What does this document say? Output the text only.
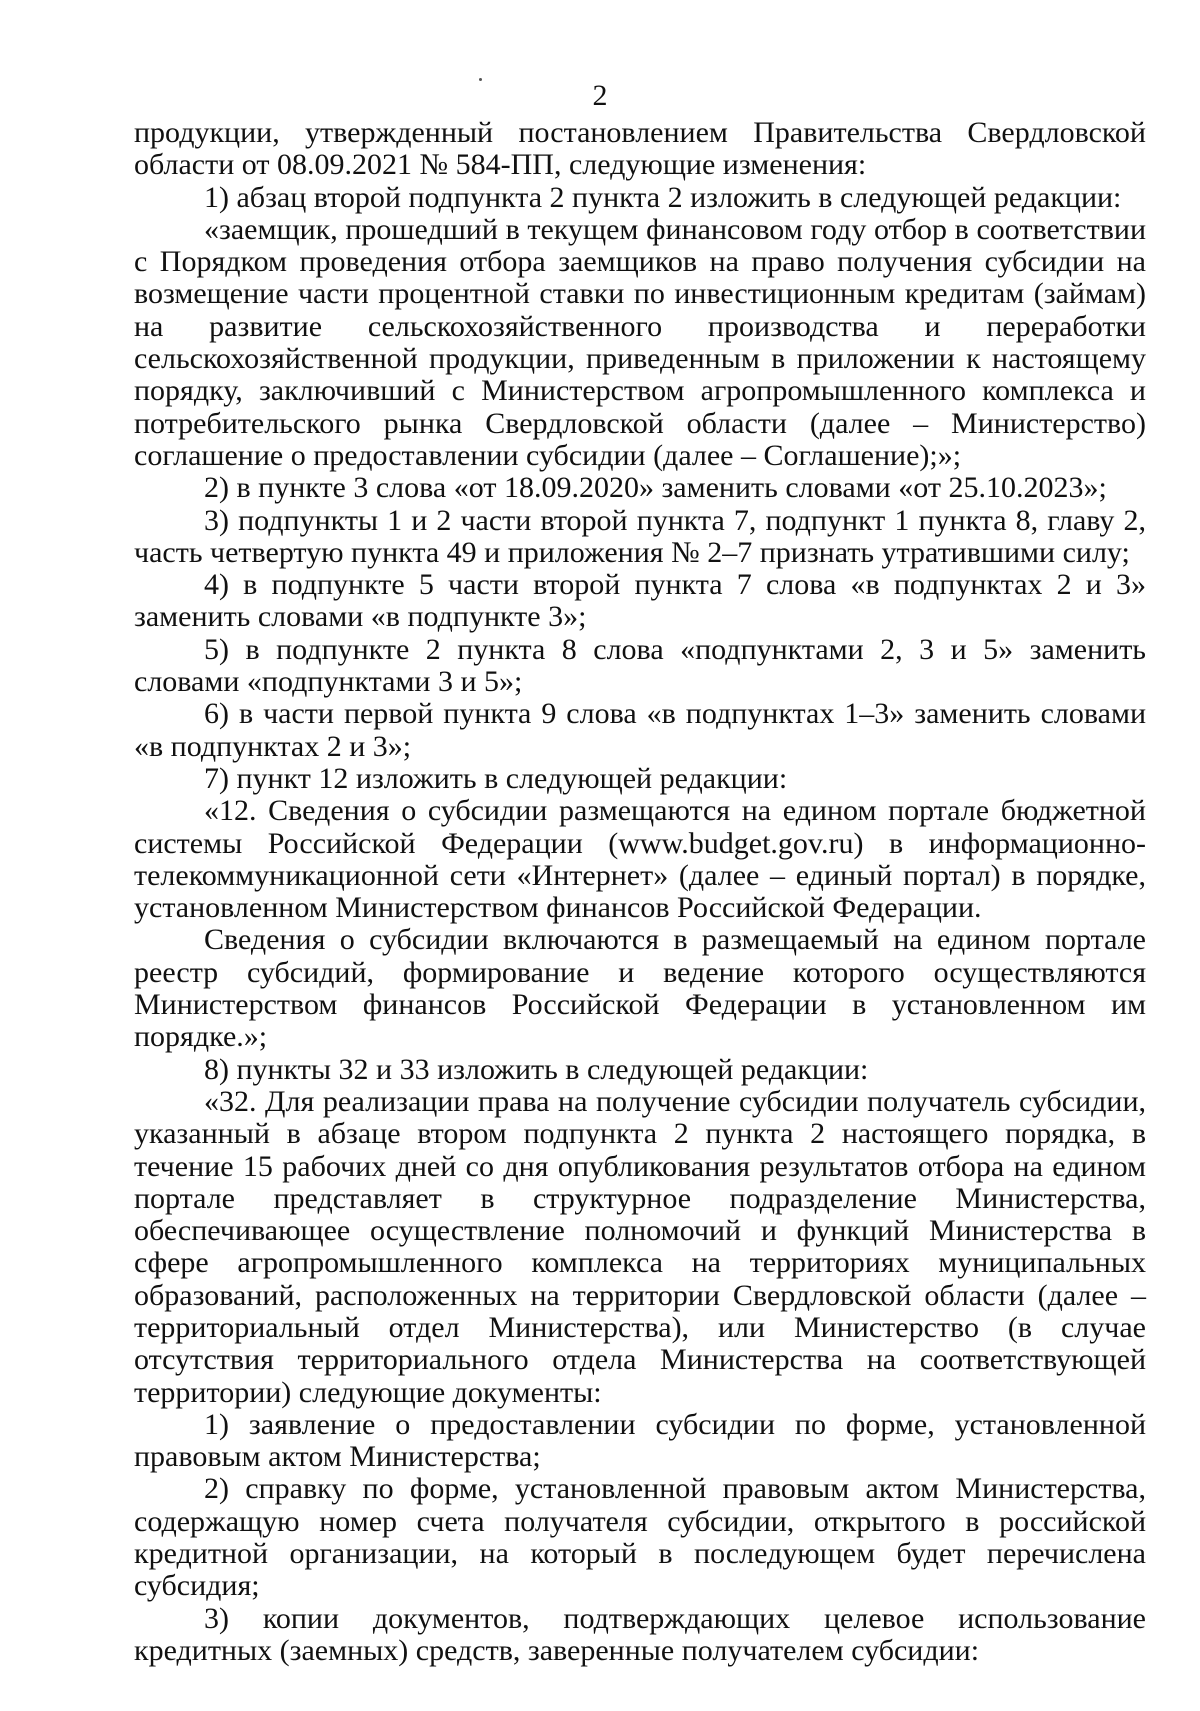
2

продукции, утвержденный постановлением Правительства Свердловской области от 08.09.2021 № 584-ПП, следующие изменения:

1) абзац второй подпункта 2 пункта 2 изложить в следующей редакции:

«заемщик, прошедший в текущем финансовом году отбор в соответствии с Порядком проведения отбора заемщиков на право получения субсидии на возмещение части процентной ставки по инвестиционным кредитам (займам) на развитие сельскохозяйственного производства и переработки сельскохозяйственной продукции, приведенным в приложении к настоящему порядку, заключивший с Министерством агропромышленного комплекса и потребительского рынка Свердловской области (далее – Министерство) соглашение о предоставлении субсидии (далее – Соглашение);»;

2) в пункте 3 слова «от 18.09.2020» заменить словами «от 25.10.2023»;

3) подпункты 1 и 2 части второй пункта 7, подпункт 1 пункта 8, главу 2, часть четвертую пункта 49 и приложения № 2–7 признать утратившими силу;

4) в подпункте 5 части второй пункта 7 слова «в подпунктах 2 и 3» заменить словами «в подпункте 3»;

5) в подпункте 2 пункта 8 слова «подпунктами 2, 3 и 5» заменить словами «подпунктами 3 и 5»;

6) в части первой пункта 9 слова «в подпунктах 1–3» заменить словами «в подпунктах 2 и 3»;

7) пункт 12 изложить в следующей редакции:

«12. Сведения о субсидии размещаются на едином портале бюджетной системы Российской Федерации (www.budget.gov.ru) в информационно-телекоммуникационной сети «Интернет» (далее – единый портал) в порядке, установленном Министерством финансов Российской Федерации.

Сведения о субсидии включаются в размещаемый на едином портале реестр субсидий, формирование и ведение которого осуществляются Министерством финансов Российской Федерации в установленном им порядке.»;

8) пункты 32 и 33 изложить в следующей редакции:

«32. Для реализации права на получение субсидии получатель субсидии, указанный в абзаце втором подпункта 2 пункта 2 настоящего порядка, в течение 15 рабочих дней со дня опубликования результатов отбора на едином портале представляет в структурное подразделение Министерства, обеспечивающее осуществление полномочий и функций Министерства в сфере агропромышленного комплекса на территориях муниципальных образований, расположенных на территории Свердловской области (далее – территориальный отдел Министерства), или Министерство (в случае отсутствия территориального отдела Министерства на соответствующей территории) следующие документы:

1) заявление о предоставлении субсидии по форме, установленной правовым актом Министерства;

2) справку по форме, установленной правовым актом Министерства, содержащую номер счета получателя субсидии, открытого в российской кредитной организации, на который в последующем будет перечислена субсидия;

3) копии документов, подтверждающих целевое использование кредитных (заемных) средств, заверенные получателем субсидии:
